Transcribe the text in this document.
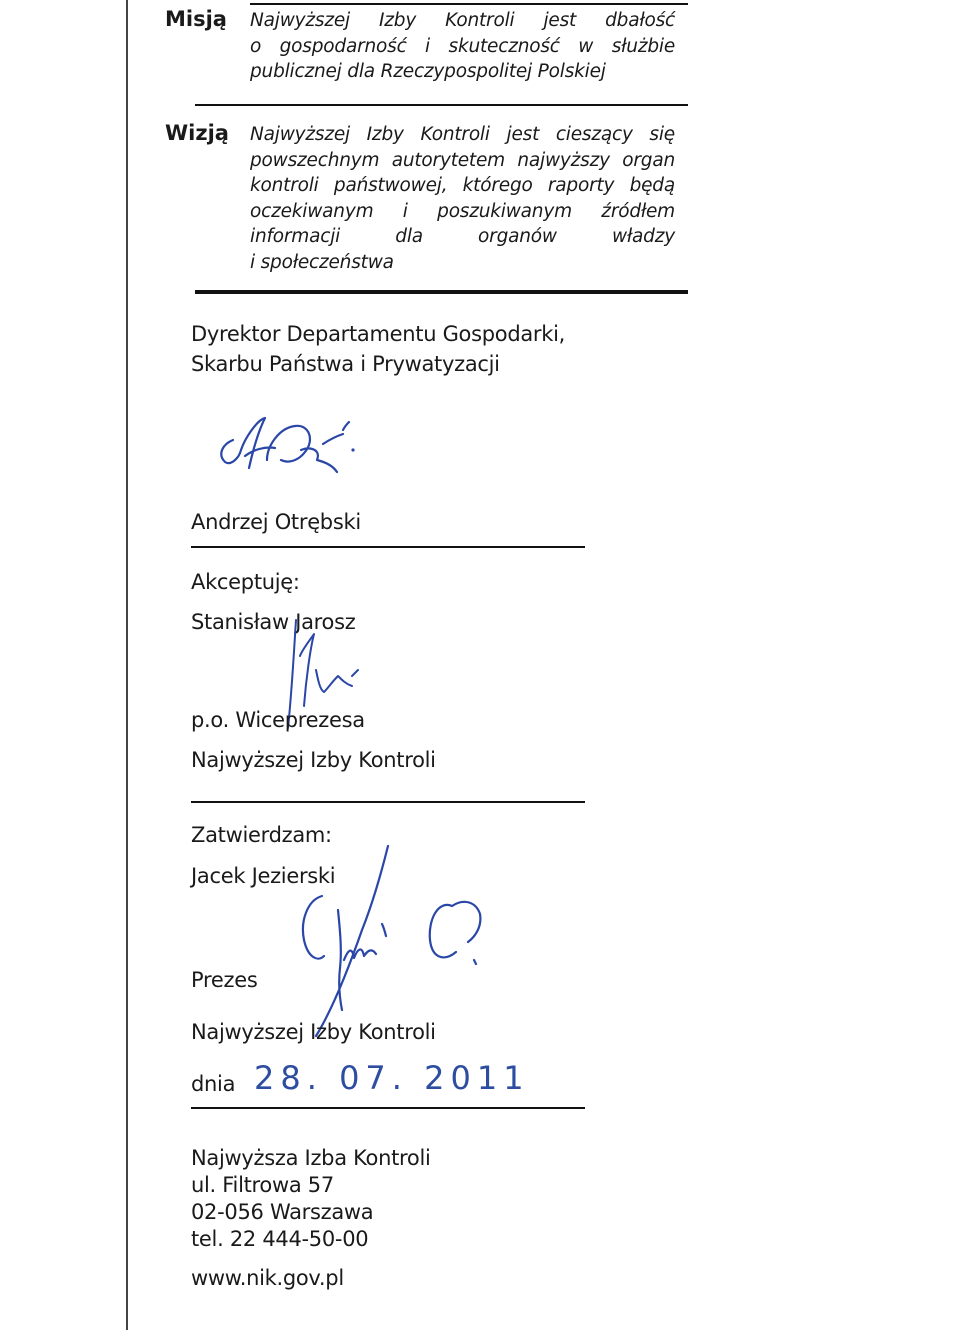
Misją Najwyższej Izby Kontroli jest dbałość
o gospodarność i skuteczność w służbie
publicznej dla Rzeczypospolitej Polskiej
Wizją Najwyższej Izby Kontroli jest cieszący się
powszechnym autorytetem najwyższy organ
kontroli państwowej, którego raporty będą
oczekiwanym i poszukiwanym źródłem
informacji dla organów władzy
i społeczeństwa
Dyrektor Departamentu Gospodarki,
Skarbu Państwa i Prywatyzacji
Andrzej Otrębski
Akceptuję:
Stanisław Jarosz
p.o. Wiceprezesa
Najwyższej Izby Kontroli
Zatwierdzam:
Jacek Jezierski
Prezes
Najwyższej Izby Kontroli
dnia 28. 07. 2011
Najwyższa Izba Kontroli
ul. Filtrowa 57
02-056 Warszawa
tel. 22 444-50-00
www.nik.gov.pl
